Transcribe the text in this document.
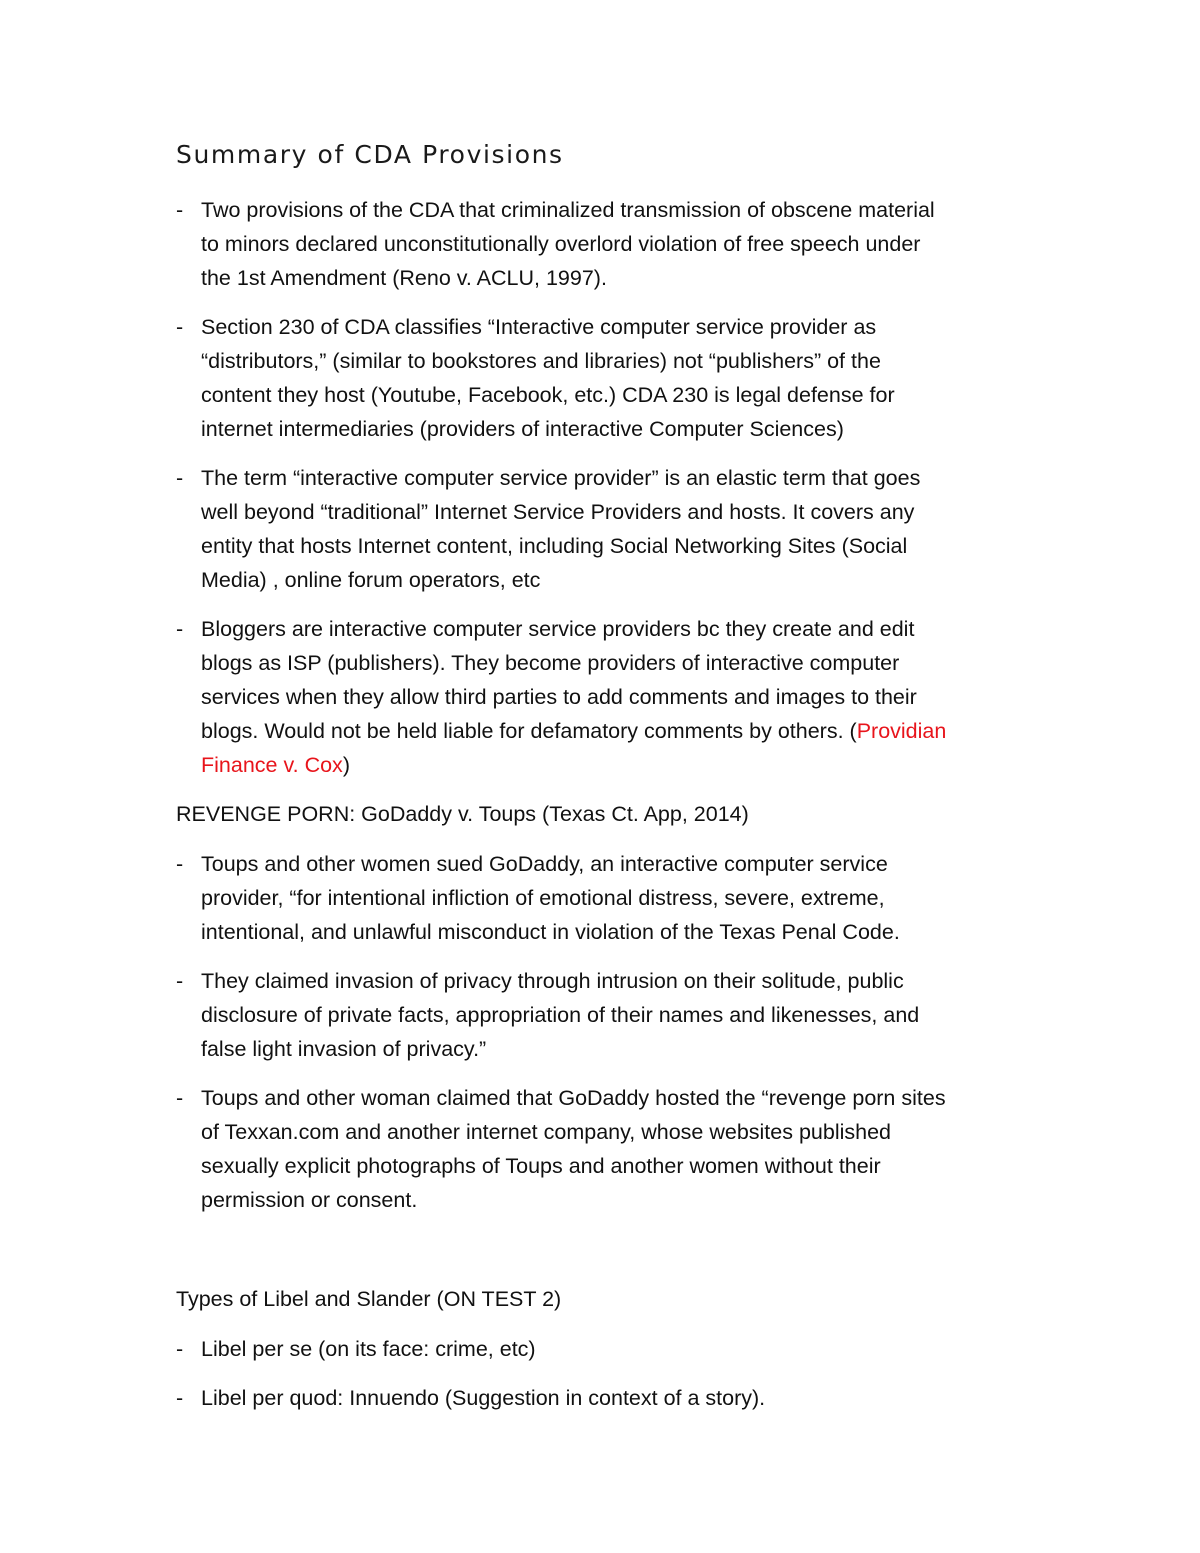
Summary of CDA Provisions
- Two provisions of the CDA that criminalized transmission of obscene material
to minors declared unconstitutionally overlord violation of free speech under
the 1st Amendment (Reno v. ACLU, 1997).
- Section 230 of CDA classifies “Interactive computer service provider as
“distributors,” (similar to bookstores and libraries) not “publishers” of the
content they host (Youtube, Facebook, etc.) CDA 230 is legal defense for
internet intermediaries (providers of interactive Computer Sciences)
- The term “interactive computer service provider” is an elastic term that goes
well beyond “traditional” Internet Service Providers and hosts. It covers any
entity that hosts Internet content, including Social Networking Sites (Social
Media) , online forum operators, etc
- Bloggers are interactive computer service providers bc they create and edit
blogs as ISP (publishers). They become providers of interactive computer
services when they allow third parties to add comments and images to their
blogs. Would not be held liable for defamatory comments by others. (Providian
Finance v. Cox)
REVENGE PORN: GoDaddy v. Toups (Texas Ct. App, 2014)
- Toups and other women sued GoDaddy, an interactive computer service
provider, “for intentional infliction of emotional distress, severe, extreme,
intentional, and unlawful misconduct in violation of the Texas Penal Code.
- They claimed invasion of privacy through intrusion on their solitude, public
disclosure of private facts, appropriation of their names and likenesses, and
false light invasion of privacy.”
- Toups and other woman claimed that GoDaddy hosted the “revenge porn sites
of Texxan.com and another internet company, whose websites published
sexually explicit photographs of Toups and another women without their
permission or consent.
Types of Libel and Slander (ON TEST 2)
- Libel per se (on its face: crime, etc)
- Libel per quod: Innuendo (Suggestion in context of a story).
